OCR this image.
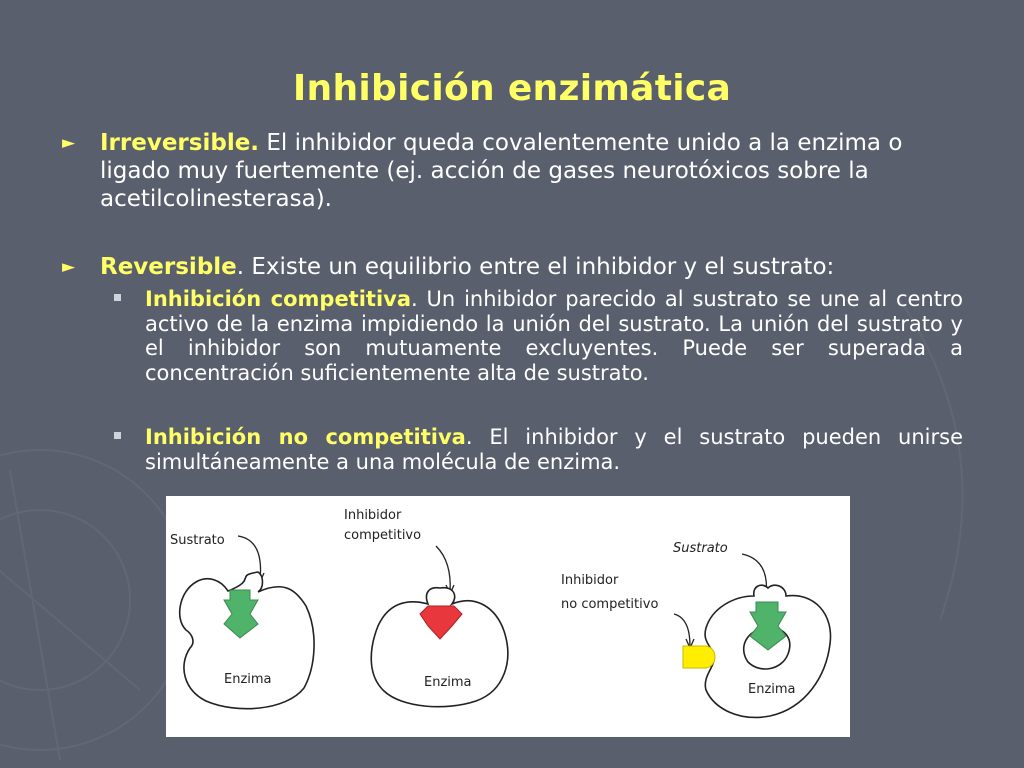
Inhibición enzimática
► Irreversible. El inhibidor queda covalentemente unido a la enzima o ligado muy fuertemente (ej. acción de gases neurotóxicos sobre la acetilcolinesterasa).
► Reversible. Existe un equilibrio entre el inhibidor y el sustrato:
Inhibición competitiva. Un inhibidor parecido al sustrato se une al centro activo de la enzima impidiendo la unión del sustrato. La unión del sustrato y el inhibidor son mutuamente excluyentes. Puede ser superada a concentración suficientemente alta de sustrato.
Inhibición no competitiva. El inhibidor y el sustrato pueden unirse simultáneamente a una molécula de enzima.
Sustrato
Enzima
Inhibidor
competitivo
Enzima
Sustrato
Inhibidor
no competitivo
Enzima
